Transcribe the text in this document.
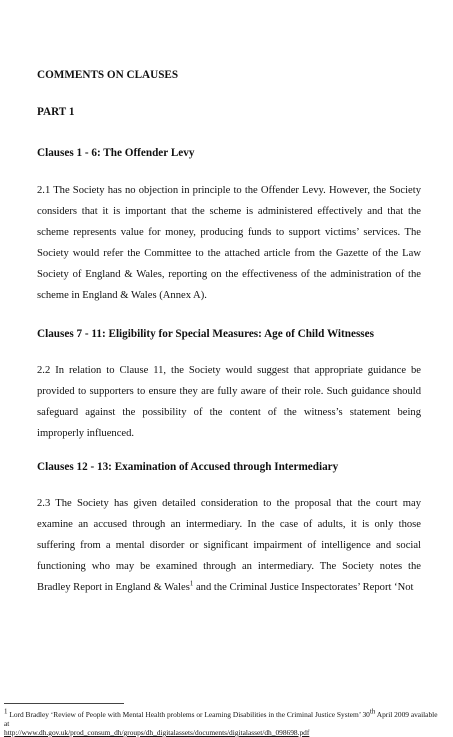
COMMENTS ON CLAUSES
PART 1
Clauses 1 - 6: The Offender Levy

2.1 The Society has no objection in principle to the Offender Levy. However, the Society considers that it is important that the scheme is administered effectively and that the scheme represents value for money, producing funds to support victims’ services. The Society would refer the Committee to the attached article from the Gazette of the Law Society of England & Wales, reporting on the effectiveness of the administration of the scheme in England & Wales (Annex A).

Clauses 7 - 11: Eligibility for Special Measures: Age of Child Witnesses

2.2 In relation to Clause 11, the Society would suggest that appropriate guidance be provided to supporters to ensure they are fully aware of their role. Such guidance should safeguard against the possibility of the content of the witness’s statement being improperly influenced.

Clauses 12 - 13: Examination of Accused through Intermediary

2.3 The Society has given detailed consideration to the proposal that the court may examine an accused through an intermediary. In the case of adults, it is only those suffering from a mental disorder or significant impairment of intelligence and social functioning who may be examined through an intermediary. The Society notes the Bradley Report in England & Wales$^1$ and the Criminal Justice Inspectorates’ Report ‘Not

$^1$ Lord Bradley ‘Review of People with Mental Health problems or Learning Disabilities in the Criminal Justice System’ 30th April 2009 available at
http://www.dh.gov.uk/prod_consum_dh/groups/dh_digitalassets/documents/digitalasset/dh_098698.pdf
